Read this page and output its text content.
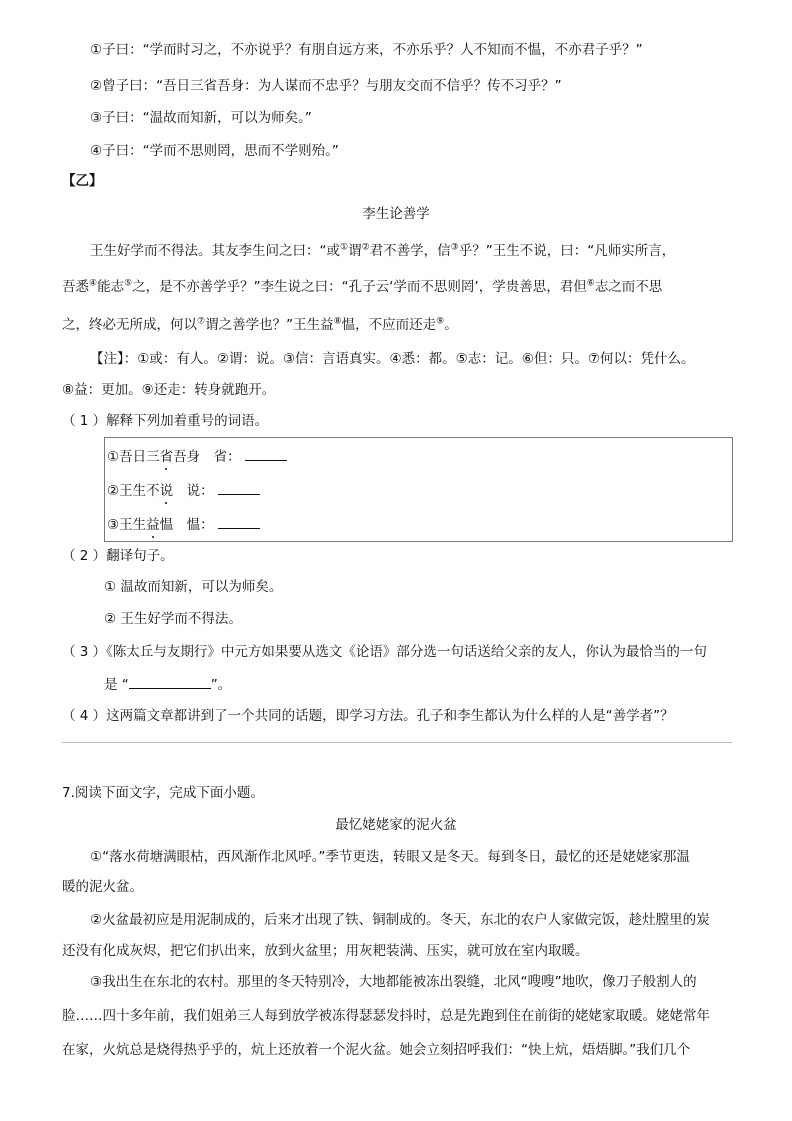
①子曰：“学而时习之，不亦说乎？有朋自远方来，不亦乐乎？人不知而不愠，不亦君子乎？”
②曾子曰：“吾日三省吾身：为人谋而不忠乎？与朋友交而不信乎？传不习乎？”
③子曰：“温故而知新，可以为师矣。”
④子曰：“学而不思则罔，思而不学则殆。”
【乙】
李生论善学
王生好学而不得法。其友李生问之曰：“或①谓②君不善学，信③乎？”王生不说，曰：“凡师实所言，
吾悉④能志⑤之，是不亦善学乎？”李生说之曰：“孔子云‘学而不思则罔’，学贵善思，君但⑥志之而不思
之，终必无所成，何以⑦谓之善学也？”王生益⑧愠，不应而还走⑨。
【注】：①或：有人。②谓：说。③信：言语真实。④悉：都。⑤志：记。⑥但：只。⑦何以：凭什么。
⑧益：更加。⑨还走：转身就跑开。
（ 1 ）解释下列加着重号的词语。
①吾日三省吾身　省：
②王生不说　说：
③王生益愠　愠：
（ 2 ）翻译句子。
① 温故而知新，可以为师矣。
② 王生好学而不得法。
（ 3 ）《陈太丘与友期行》中元方如果要从选文《论语》部分选一句话送给父亲的友人，你认为最恰当的一句
是 “	”。
（ 4 ）这两篇文章都讲到了一个共同的话题，即学习方法。孔子和李生都认为什么样的人是“善学者”？
7.阅读下面文字，完成下面小题。
最忆姥姥家的泥火盆
①“落水荷塘满眼枯，西风渐作北风呼。”季节更迭，转眼又是冬天。每到冬日，最忆的还是姥姥家那温
暖的泥火盆。
②火盆最初应是用泥制成的，后来才出现了铁、铜制成的。冬天，东北的农户人家做完饭，趁灶膛里的炭
还没有化成灰烬，把它们扒出来，放到火盆里；用灰耙装满、压实，就可放在室内取暖。
③我出生在东北的农村。那里的冬天特别冷，大地都能被冻出裂缝，北风“嗖嗖”地吹，像刀子般割人的
脸……四十多年前，我们姐弟三人每到放学被冻得瑟瑟发抖时，总是先跑到住在前街的姥姥家取暖。姥姥常年
在家，火炕总是烧得热乎乎的，炕上还放着一个泥火盆。她会立刻招呼我们：“快上炕，焐焐脚。”我们几个
